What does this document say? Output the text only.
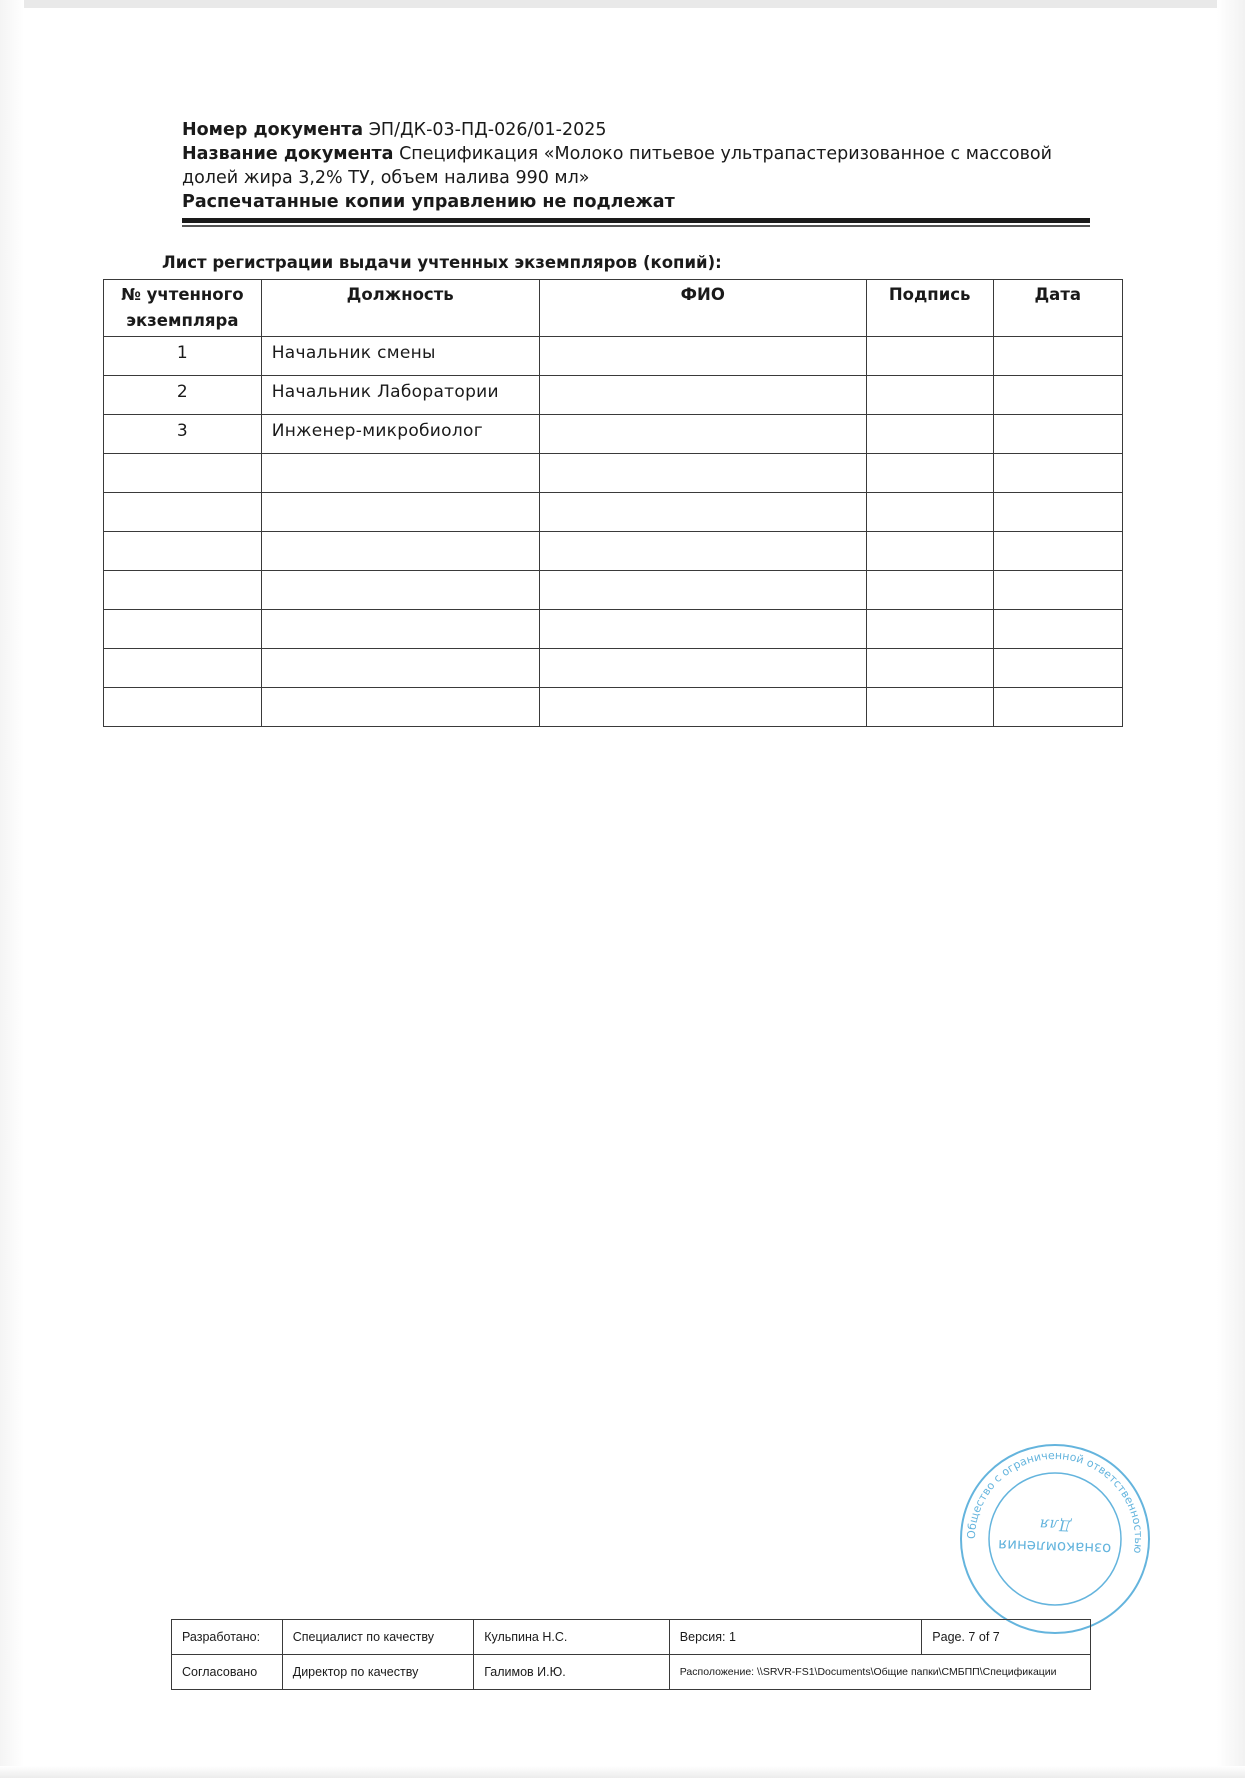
Номер документа ЭП/ДК-03-ПД-026/01-2025
Название документа Спецификация «Молоко питьевое ультрапастеризованное с массовой
долей жира 3,2% ТУ, объем налива 990 мл»
Распечатанные копии управлению не подлежат
Лист регистрации выдачи учтенных экземпляров (копий):
№ учтенного
экземпляра	Должность	ФИО	Подпись	Дата
1	Начальник смены			
2	Начальник Лаборатории			
3	Инженер-микробиолог			

Общество с ограниченной ответственностью
ознакомления
Для
Разработано:	Специалист по качеству	Кульпина Н.С.	Версия: 1	Page. 7 of 7
Согласовано	Директор по качеству	Галимов И.Ю.	Расположение: \\SRVR-FS1\Documents\Общие папки\СМБПП\Спецификации	
